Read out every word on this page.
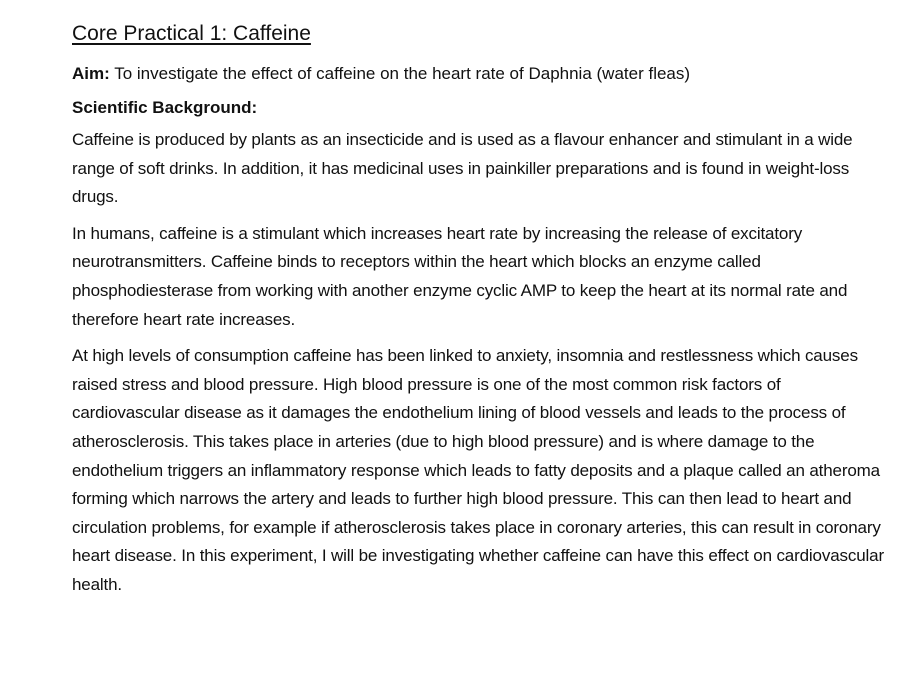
Core Practical 1: Caffeine

Aim: To investigate the effect of caffeine on the heart rate of Daphnia (water fleas)

Scientific Background:

Caffeine is produced by plants as an insecticide and is used as a flavour enhancer and stimulant in a wide range of soft drinks. In addition, it has medicinal uses in painkiller preparations and is found in weight-loss drugs.

In humans, caffeine is a stimulant which increases heart rate by increasing the release of excitatory neurotransmitters. Caffeine binds to receptors within the heart which blocks an enzyme called phosphodiesterase from working with another enzyme cyclic AMP to keep the heart at its normal rate and therefore heart rate increases.

At high levels of consumption caffeine has been linked to anxiety, insomnia and restlessness which causes raised stress and blood pressure. High blood pressure is one of the most common risk factors of cardiovascular disease as it damages the endothelium lining of blood vessels and leads to the process of atherosclerosis. This takes place in arteries (due to high blood pressure) and is where damage to the endothelium triggers an inflammatory response which leads to fatty deposits and a plaque called an atheroma forming which narrows the artery and leads to further high blood pressure. This can then lead to heart and circulation problems, for example if atherosclerosis takes place in coronary arteries, this can result in coronary heart disease. In this experiment, I will be investigating whether caffeine can have this effect on cardiovascular health.
